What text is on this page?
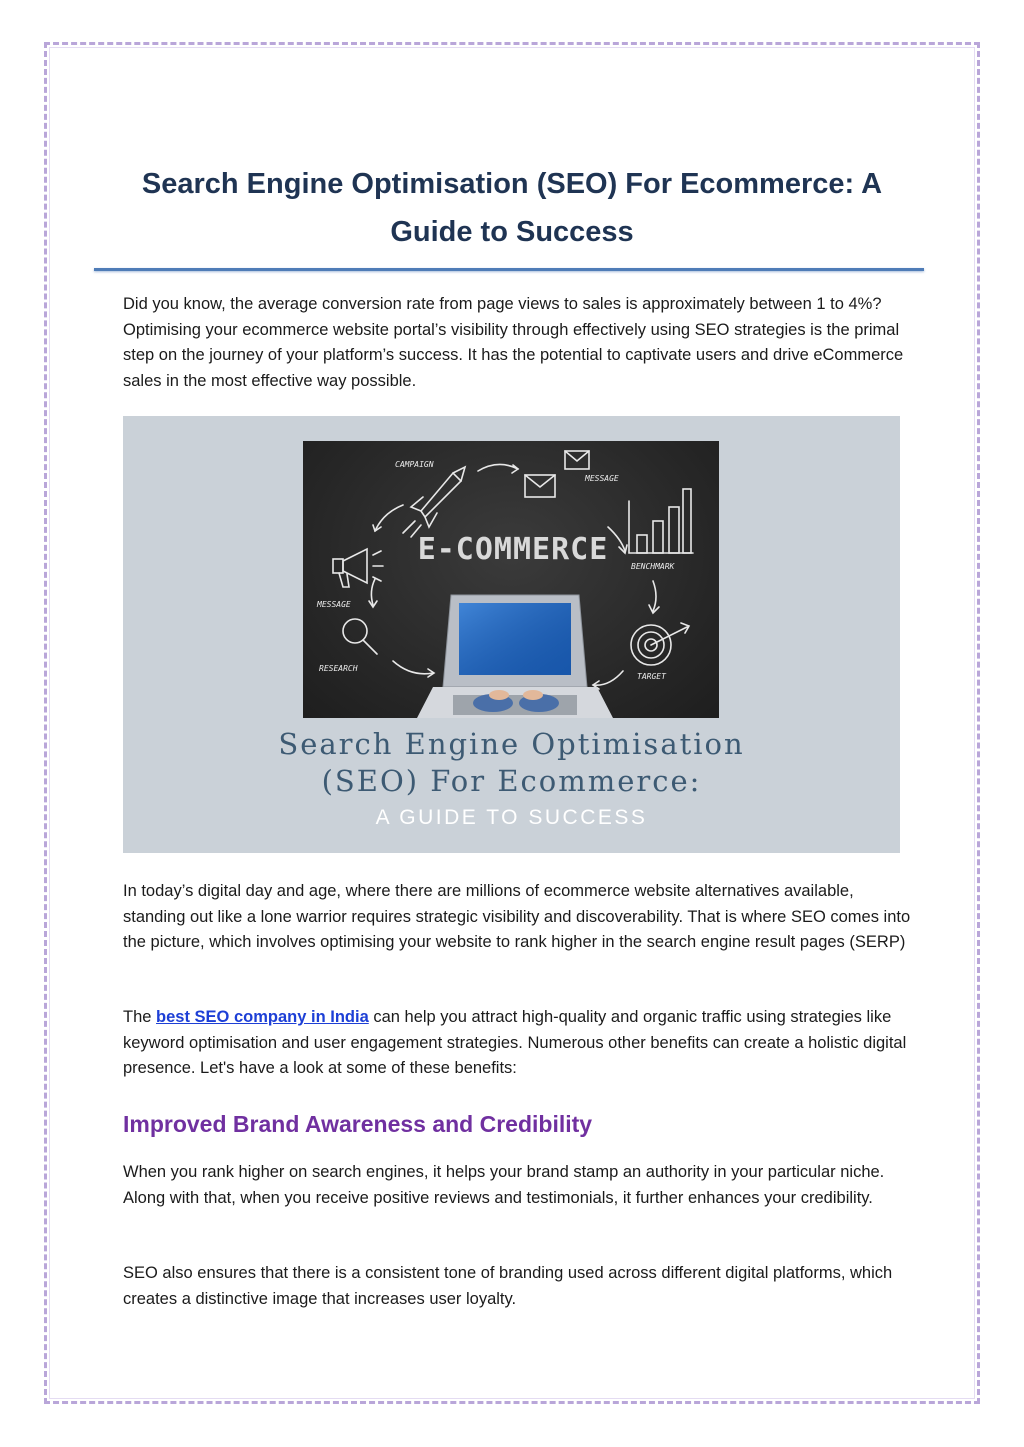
Search Engine Optimisation (SEO) For Ecommerce: A Guide to Success

Did you know, the average conversion rate from page views to sales is approximately between 1 to 4%? Optimising your ecommerce website portal’s visibility through effectively using SEO strategies is the primal step on the journey of your platform’s success. It has the potential to captivate users and drive eCommerce sales in the most effective way possible.

CAMPAIGN
MESSAGE
BENCHMARK
TARGET
RESEARCH
MESSAGE
E-COMMERCE
Search Engine Optimisation
(SEO) For Ecommerce:
A GUIDE TO SUCCESS

In today’s digital day and age, where there are millions of ecommerce website alternatives available, standing out like a lone warrior requires strategic visibility and discoverability. That is where SEO comes into the picture, which involves optimising your website to rank higher in the search engine result pages (SERP)

The best SEO company in India can help you attract high-quality and organic traffic using strategies like keyword optimisation and user engagement strategies. Numerous other benefits can create a holistic digital presence. Let's have a look at some of these benefits:

Improved Brand Awareness and Credibility

When you rank higher on search engines, it helps your brand stamp an authority in your particular niche. Along with that, when you receive positive reviews and testimonials, it further enhances your credibility.

SEO also ensures that there is a consistent tone of branding used across different digital platforms, which creates a distinctive image that increases user loyalty.
